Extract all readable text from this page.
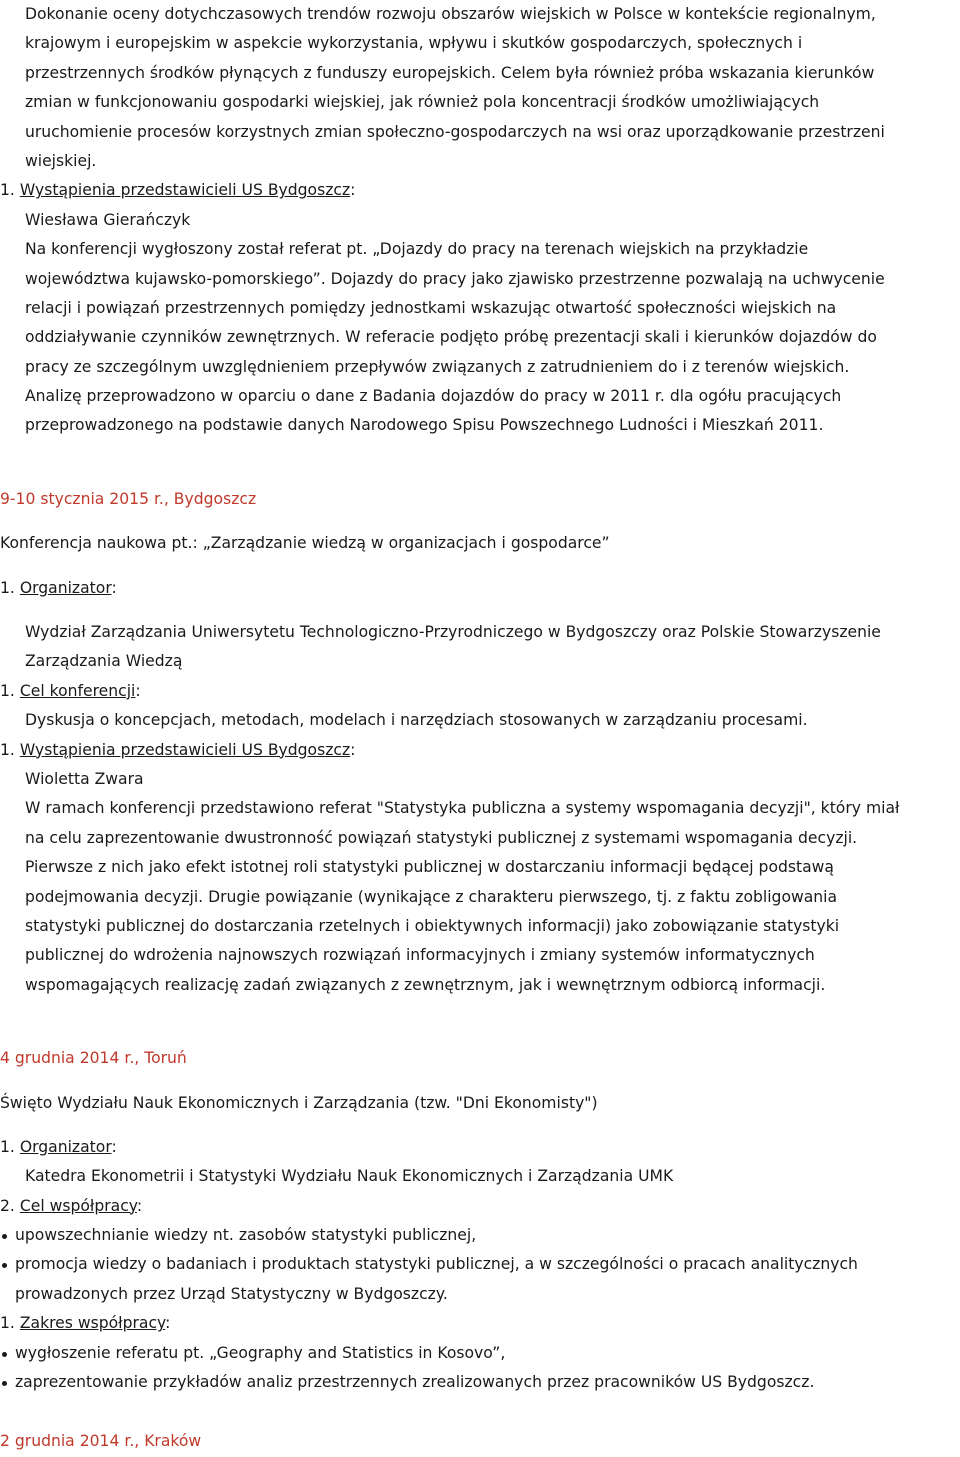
Dokonanie oceny dotychczasowych trendów rozwoju obszarów wiejskich w Polsce w kontekście regionalnym,
krajowym i europejskim w aspekcie wykorzystania, wpływu i skutków gospodarczych, społecznych i
przestrzennych środków płynących z funduszy europejskich. Celem była również próba wskazania kierunków
zmian w funkcjonowaniu gospodarki wiejskiej, jak również pola koncentracji środków umożliwiających
uruchomienie procesów korzystnych zmian społeczno-gospodarczych na wsi oraz uporządkowanie przestrzeni
wiejskiej.
1. Wystąpienia przedstawicieli US Bydgoszcz:
Wiesława Gierańczyk
Na konferencji wygłoszony został referat pt. „Dojazdy do pracy na terenach wiejskich na przykładzie
województwa kujawsko-pomorskiego”. Dojazdy do pracy jako zjawisko przestrzenne pozwalają na uchwycenie
relacji i powiązań przestrzennych pomiędzy jednostkami wskazując otwartość społeczności wiejskich na
oddziaływanie czynników zewnętrznych. W referacie podjęto próbę prezentacji skali i kierunków dojazdów do
pracy ze szczególnym uwzględnieniem przepływów związanych z zatrudnieniem do i z terenów wiejskich.
Analizę przeprowadzono w oparciu o dane z Badania dojazdów do pracy w 2011 r. dla ogółu pracujących
przeprowadzonego na podstawie danych Narodowego Spisu Powszechnego Ludności i Mieszkań 2011.
9-10 stycznia 2015 r., Bydgoszcz
Konferencja naukowa pt.: „Zarządzanie wiedzą w organizacjach i gospodarce”
1. Organizator:
Wydział Zarządzania Uniwersytetu Technologiczno-Przyrodniczego w Bydgoszczy oraz Polskie Stowarzyszenie
Zarządzania Wiedzą
1. Cel konferencji:
Dyskusja o koncepcjach, metodach, modelach i narzędziach stosowanych w zarządzaniu procesami.
1. Wystąpienia przedstawicieli US Bydgoszcz:
Wioletta Zwara
W ramach konferencji przedstawiono referat "Statystyka publiczna a systemy wspomagania decyzji", który miał
na celu zaprezentowanie dwustronność powiązań statystyki publicznej z systemami wspomagania decyzji.
Pierwsze z nich jako efekt istotnej roli statystyki publicznej w dostarczaniu informacji będącej podstawą
podejmowania decyzji. Drugie powiązanie (wynikające z charakteru pierwszego, tj. z faktu zobligowania
statystyki publicznej do dostarczania rzetelnych i obiektywnych informacji) jako zobowiązanie statystyki
publicznej do wdrożenia najnowszych rozwiązań informacyjnych i zmiany systemów informatycznych
wspomagających realizację zadań związanych z zewnętrznym, jak i wewnętrznym odbiorcą informacji.
4 grudnia 2014 r., Toruń
Święto Wydziału Nauk Ekonomicznych i Zarządzania (tzw. "Dni Ekonomisty")
1. Organizator:
Katedra Ekonometrii i Statystyki Wydziału Nauk Ekonomicznych i Zarządzania UMK
2. Cel współpracy:
upowszechnianie wiedzy nt. zasobów statystyki publicznej,
promocja wiedzy o badaniach i produktach statystyki publicznej, a w szczególności o pracach analitycznych
prowadzonych przez Urząd Statystyczny w Bydgoszczy.
1. Zakres współpracy:
wygłoszenie referatu pt. „Geography and Statistics in Kosovo”,
zaprezentowanie przykładów analiz przestrzennych zrealizowanych przez pracowników US Bydgoszcz.
2 grudnia 2014 r., Kraków
